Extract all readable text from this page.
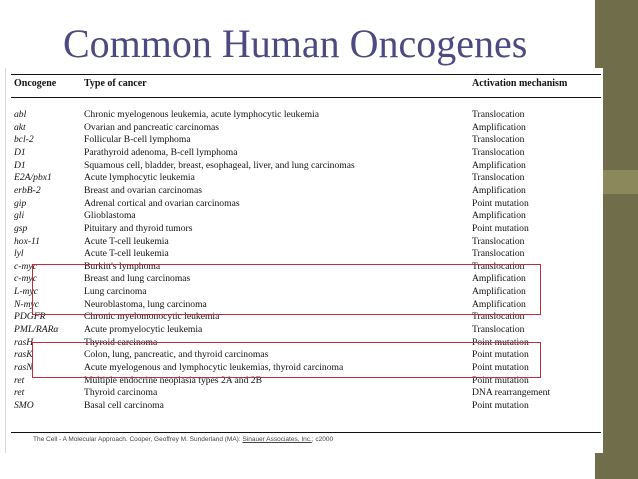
Common Human Oncogenes
Oncogene	Type of cancer	Activation mechanism
abl	Chronic myelogenous leukemia, acute lymphocytic leukemia	Translocation
akt	Ovarian and pancreatic carcinomas	Amplification
bcl-2	Follicular B-cell lymphoma	Translocation
D1	Parathyroid adenoma, B-cell lymphoma	Translocation
D1	Squamous cell, bladder, breast, esophageal, liver, and lung carcinomas	Amplification
E2A/pbx1	Acute lymphocytic leukemia	Translocation
erbB-2	Breast and ovarian carcinomas	Amplification
gip	Adrenal cortical and ovarian carcinomas	Point mutation
gli	Glioblastoma	Amplification
gsp	Pituitary and thyroid tumors	Point mutation
hox-11	Acute T-cell leukemia	Translocation
lyl	Acute T-cell leukemia	Translocation
c-myc	Burkitt's lymphoma	Translocation
c-myc	Breast and lung carcinomas	Amplification
L-myc	Lung carcinoma	Amplification
N-myc	Neuroblastoma, lung carcinoma	Amplification
PDGFR	Chronic myelomonocytic leukemia	Translocation
PML/RARα	Acute promyelocytic leukemia	Translocation
rasH	Thyroid carcinoma	Point mutation
rasK	Colon, lung, pancreatic, and thyroid carcinomas	Point mutation
rasN	Acute myelogenous and lymphocytic leukemias, thyroid carcinoma	Point mutation
ret	Multiple endocrine neoplasia types 2A and 2B	Point mutation
ret	Thyroid carcinoma	DNA rearrangement
SMO	Basal cell carcinoma	Point mutation
The Cell - A Molecular Approach. Cooper, Geoffrey M. Sunderland (MA): Sinauer Associates, Inc.; c2000
